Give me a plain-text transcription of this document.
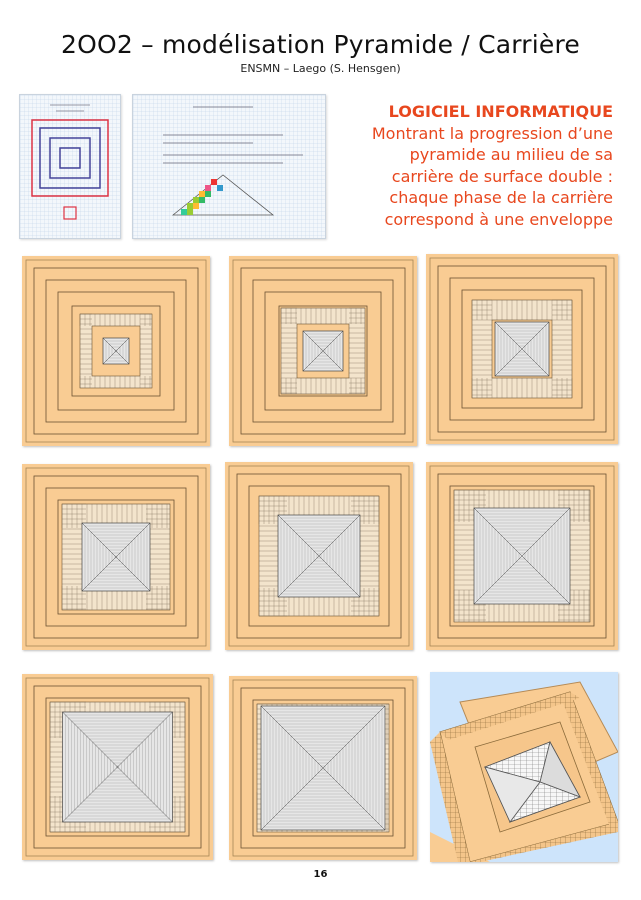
2OO2 – modélisation Pyramide / Carrière
ENSMN – Laego (S. Hensgen)
LOGICIEL INFORMATIQUE
Montrant la progression d’une
pyramide au milieu de sa
carrière de surface double :
chaque phase de la carrière
correspond à une enveloppe
16
